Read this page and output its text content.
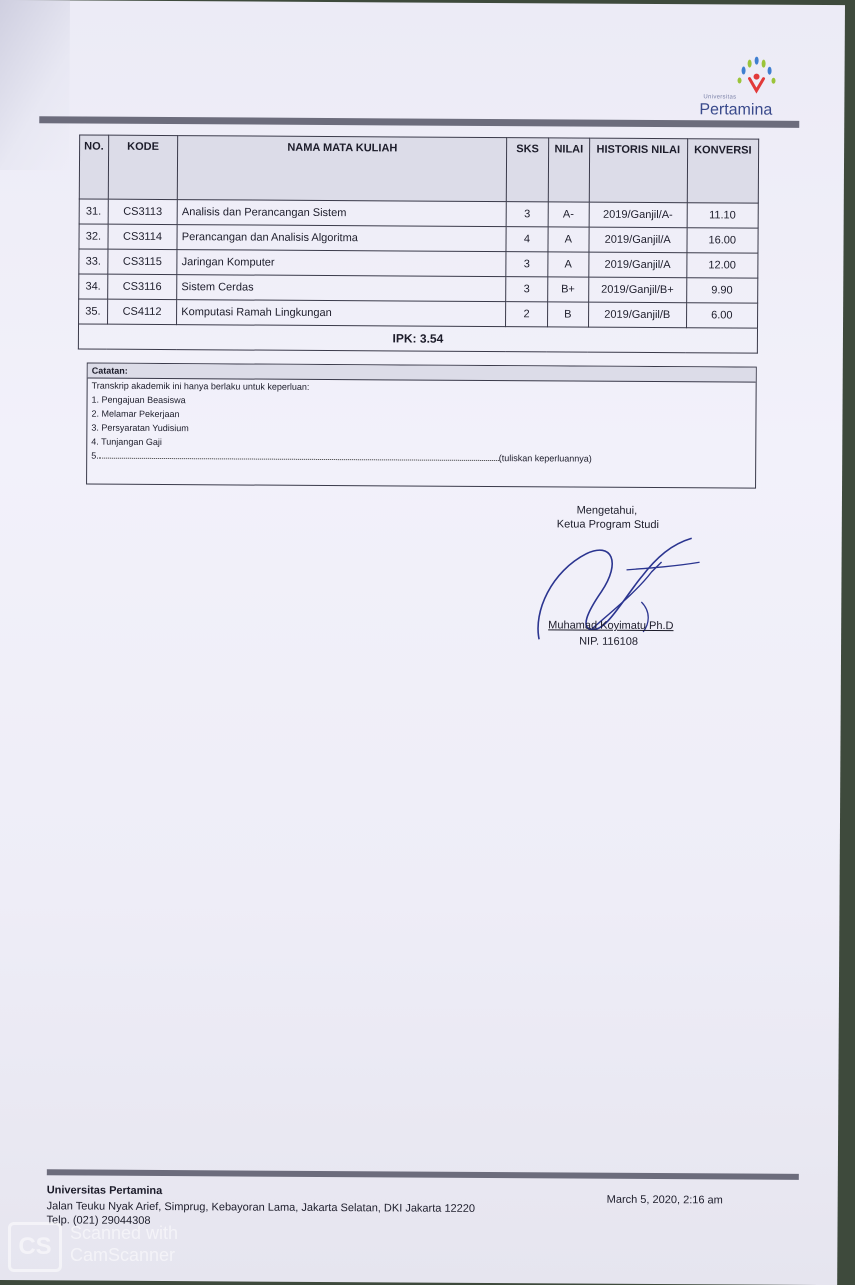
Universitas
Pertamina
NO.	KODE	NAMA MATA KULIAH	SKS	NILAI	HISTORIS NILAI	KONVERSI
31.	CS3113	Analisis dan Perancangan Sistem	3	A-	2019/Ganjil/A-	11.10
32.	CS3114	Perancangan dan Analisis Algoritma	4	A	2019/Ganjil/A	16.00
33.	CS3115	Jaringan Komputer	3	A	2019/Ganjil/A	12.00
34.	CS3116	Sistem Cerdas	3	B+	2019/Ganjil/B+	9.90
35.	CS4112	Komputasi Ramah Lingkungan	2	B	2019/Ganjil/B	6.00
IPK: 3.54						
Catatan:
Transkrip akademik ini hanya berlaku untuk keperluan:
1. Pengajuan Beasiswa
2. Melamar Pekerjaan
3. Persyaratan Yudisium
4. Tunjangan Gaji
5.	(tuliskan keperluannya)
Mengetahui,
Ketua Program Studi
Muhamad Koyimatu Ph.D
NIP. 116108
Universitas Pertamina
Jalan Teuku Nyak Arief, Simprug, Kebayoran Lama, Jakarta Selatan, DKI Jakarta 12220
Telp. (021) 29044308
March 5, 2020, 2:16 am
CS	Scanned with
CamScanner
